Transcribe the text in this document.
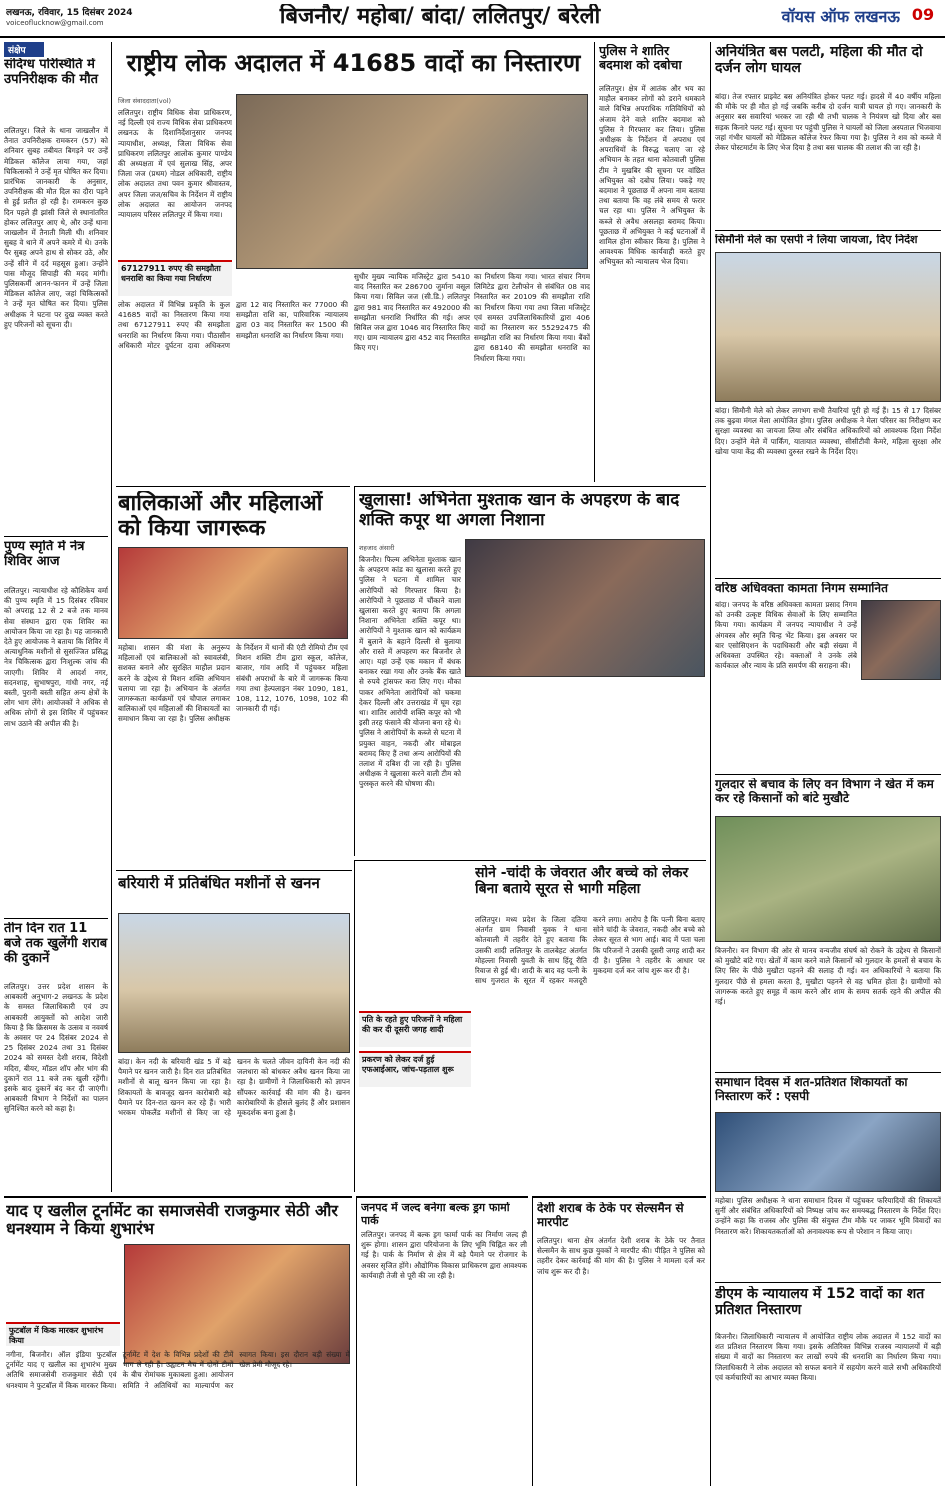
लखनऊ, रविवार, 15 दिसंबर 2024
voiceoflucknow@gmail.com	बिजनौर/ महोबा/ बांदा/ ललितपुर/ बरेली	वॉयस ऑफ लखनऊ 09
संक्षेप
संदिग्ध परिस्थिति में उपनिरीक्षक की मौत
ललितपुर। जिले के थाना जाखलौन में तैनात उपनिरीक्षक रामकरन (57) को शनिवार सुबह तबीयत बिगड़ने पर उन्हें मेडिकल कॉलेज लाया गया, जहां चिकित्सकों ने उन्हें मृत घोषित कर दिया। प्रारंभिक जानकारी के अनुसार, उपनिरीक्षक की मौत दिल का दौरा पड़ने से हुई प्रतीत हो रही है। रामकरन कुछ दिन पहले ही झांसी जिले से स्थानांतरित होकर ललितपुर आए थे, और उन्हें थाना जाखलौन में तैनाती मिली थी। शनिवार सुबह वे थाने में अपने कमरे में थे। उनके पैर सुबह अपने हाथ से सोकर उठे, और उन्हें सीने में दर्द महसूस हुआ। उन्होंने पास मौजूद सिपाही की मदद मांगी। पुलिसकर्मी आनन-फानन में उन्हें जिला मेडिकल कॉलेज लाए, जहां चिकित्सकों ने उन्हें मृत घोषित कर दिया। पुलिस अधीक्षक ने घटना पर दुख व्यक्त करते हुए परिजनों को सूचना दी।
पुण्य स्मृति में नेत्र शिविर आज
ललितपुर। न्यायाधीश रहे कौशिकेय वर्मा की पुण्य स्मृति में 15 दिसंबर रविवार को अपराह्न 12 से 2 बजे तक मानव सेवा संस्थान द्वारा एक शिविर का आयोजन किया जा रहा है। यह जानकारी देते हुए आयोजक ने बताया कि शिविर में अत्याधुनिक मशीनों से सुसज्जित प्रसिद्ध नेत्र चिकित्सक द्वारा निःशुल्क जांच की जाएगी। शिविर में आदर्श नगर, सदनशाह, सुभाषपुरा, गांधी नगर, नई बस्ती, पुरानी बस्ती सहित अन्य क्षेत्रों के लोग भाग लेंगे। आयोजकों ने अधिक से अधिक लोगों से इस शिविर में पहुंचकर लाभ उठाने की अपील की है।
तीन दिन रात 11 बजे तक खुलेंगी शराब की दुकानें
ललितपुर। उत्तर प्रदेश शासन के आबकारी अनुभाग-2 लखनऊ के प्रदेश के समस्त जिलाधिकारी एवं उप आबकारी आयुक्तों को आदेश जारी किया है कि क्रिसमस के उत्सव व नववर्ष के अवसर पर 24 दिसंबर 2024 से 25 दिसंबर 2024 तथा 31 दिसंबर 2024 को समस्त देशी शराब, विदेशी मदिरा, बीयर, मॉडल शॉप और भांग की दुकानें रात 11 बजे तक खुली रहेंगी। इसके बाद दुकानें बंद कर दी जाएंगी। आबकारी विभाग ने निर्देशों का पालन सुनिश्चित करने को कहा है।
राष्ट्रीय लोक अदालत में 41685 वादों का निस्तारण
जिला संवाददाता(vol)
ललितपुर। राष्ट्रीय विधिक सेवा प्राधिकरण, नई दिल्ली एवं राज्य विधिक सेवा प्राधिकरण लखनऊ के दिशानिर्देशानुसार जनपद न्यायाधीश, अध्यक्ष, जिला विधिक सेवा प्राधिकरण ललितपुर आलोक कुमार पाण्डेय की अध्यक्षता में एवं सुलाख सिंह, अपर जिला जज (प्रथम) नोडल अधिकारी, राष्ट्रीय लोक अदालत तथा पवन कुमार श्रीवास्तव, अपर जिला जज/सचिव के निर्देशन में राष्ट्रीय लोक अदालत का आयोजन जनपद न्यायालय परिसर ललितपुर में किया गया।
67127911 रुपए की समझौता धनराशि का किया गया निर्धारण
लोक अदालत में विभिन्न प्रकृति के कुल 41685 वादों का निस्तारण किया गया तथा 67127911 रुपए की समझौता धनराशि का निर्धारण किया गया। पीठासीन अधिकारी मोटर दुर्घटना दावा अधिकरण द्वारा 12 वाद निस्तारित कर 77000 की समझौता राशि का, पारिवारिक न्यायालय द्वारा 03 वाद निस्तारित कर 1500 की समझौता धनराशि का निर्धारण किया गया।
सुधीर मुख्य न्यायिक मजिस्ट्रेट द्वारा 5410 वाद निस्तारित कर 286700 जुर्माना वसूल किया गया। सिविल जज (सी.डि.) ललितपुर द्वारा 981 वाद निस्तारित कर 492000 की समझौता धनराशि निर्धारित की गई। अपर सिविल जज द्वारा 1046 वाद निस्तारित किए गए। ग्राम न्यायालय द्वारा 452 वाद निस्तारित किए गए।
का निर्धारण किया गया। भारत संचार निगम लिमिटेड द्वारा टेलीफोन से संबंधित 08 वाद निस्तारित कर 20109 की समझौता राशि का निर्धारण किया गया तथा जिला मजिस्ट्रेट एवं समस्त उपजिलाधिकारियों द्वारा 406 वादों का निस्तारण कर 55292475 की समझौता राशि का निर्धारण किया गया। बैंकों द्वारा 68140 की समझौता धनराशि का निर्धारण किया गया।
पुलिस ने शातिर बदमाश को दबोचा
ललितपुर। क्षेत्र में आतंक और भय का माहौल बनाकर लोगों को डराने धमकाने वाले विभिन्न अपराधिक गतिविधियों को अंजाम देने वाले शातिर बदमाश को पुलिस ने गिरफ्तार कर लिया। पुलिस अधीक्षक के निर्देशन में अपराध एवं अपराधियों के विरुद्ध चलाए जा रहे अभियान के तहत थाना कोतवाली पुलिस टीम ने मुखबिर की सूचना पर वांछित अभियुक्त को दबोच लिया। पकड़े गए बदमाश ने पूछताछ में अपना नाम बताया तथा बताया कि वह लंबे समय से फरार चल रहा था। पुलिस ने अभियुक्त के कब्जे से अवैध असलहा बरामद किया। पूछताछ में अभियुक्त ने कई घटनाओं में शामिल होना स्वीकार किया है। पुलिस ने आवश्यक विधिक कार्यवाही करते हुए अभियुक्त को न्यायालय भेज दिया।
अनियंत्रित बस पलटी, महिला की मौत दो दर्जन लोग घायल
बांदा। तेज रफ्तार प्राइवेट बस अनियंत्रित होकर पलट गई। हादसे में 40 वर्षीय महिला की मौके पर ही मौत हो गई जबकि करीब दो दर्जन यात्री घायल हो गए। जानकारी के अनुसार बस सवारियां भरकर जा रही थी तभी चालक ने नियंत्रण खो दिया और बस सड़क किनारे पलट गई। सूचना पर पहुंची पुलिस ने घायलों को जिला अस्पताल भिजवाया जहां गंभीर घायलों को मेडिकल कॉलेज रेफर किया गया है। पुलिस ने शव को कब्जे में लेकर पोस्टमार्टम के लिए भेज दिया है तथा बस चालक की तलाश की जा रही है।
सिमौनी मेले का एसपी ने लिया जायजा, दिए निर्देश
बांदा। सिमौनी मेले को लेकर लगभग सभी तैयारियां पूरी हो गई हैं। 15 से 17 दिसंबर तक बुढ़वा मंगल मेला आयोजित होगा। पुलिस अधीक्षक ने मेला परिसर का निरीक्षण कर सुरक्षा व्यवस्था का जायजा लिया और संबंधित अधिकारियों को आवश्यक दिशा निर्देश दिए। उन्होंने मेले में पार्किंग, यातायात व्यवस्था, सीसीटीवी कैमरे, महिला सुरक्षा और खोया पाया केंद्र की व्यवस्था दुरुस्त रखने के निर्देश दिए।
वरिष्ठ अधिवक्ता कामता निगम सम्मानित
बांदा। जनपद के वरिष्ठ अधिवक्ता कामता प्रसाद निगम को उनकी उत्कृष्ट विधिक सेवाओं के लिए सम्मानित किया गया। कार्यक्रम में जनपद न्यायाधीश ने उन्हें अंगवस्त्र और स्मृति चिन्ह भेंट किया। इस अवसर पर बार एसोसिएशन के पदाधिकारी और बड़ी संख्या में अधिवक्ता उपस्थित रहे। वक्ताओं ने उनके लंबे कार्यकाल और न्याय के प्रति समर्पण की सराहना की।
गुलदार से बचाव के लिए वन विभाग ने खेत में कम कर रहे किसानों को बांटे मुखौटे
बिजनौर। वन विभाग की ओर से मानव वन्यजीव संघर्ष को रोकने के उद्देश्य से किसानों को मुखौटे बांटे गए। खेतों में काम करने वाले किसानों को गुलदार के हमलों से बचाव के लिए सिर के पीछे मुखौटा पहनने की सलाह दी गई। वन अधिकारियों ने बताया कि गुलदार पीछे से हमला करता है, मुखौटा पहनने से वह भ्रमित होता है। ग्रामीणों को जागरूक करते हुए समूह में काम करने और शाम के समय सतर्क रहने की अपील की गई।
समाधान दिवस में शत-प्रतिशत शिकायतों का निस्तारण करें : एसपी
महोबा। पुलिस अधीक्षक ने थाना समाधान दिवस में पहुंचकर फरियादियों की शिकायतें सुनीं और संबंधित अधिकारियों को निष्पक्ष जांच कर समयबद्ध निस्तारण के निर्देश दिए। उन्होंने कहा कि राजस्व और पुलिस की संयुक्त टीम मौके पर जाकर भूमि विवादों का निस्तारण करे। शिकायतकर्ताओं को अनावश्यक रूप से परेशान न किया जाए।
डीएम के न्यायालय में 152 वादों का शत प्रतिशत निस्तारण
बिजनौर। जिलाधिकारी न्यायालय में आयोजित राष्ट्रीय लोक अदालत में 152 वादों का शत प्रतिशत निस्तारण किया गया। इसके अतिरिक्त विभिन्न राजस्व न्यायालयों में बड़ी संख्या में वादों का निस्तारण कर लाखों रुपये की धनराशि का निर्धारण किया गया। जिलाधिकारी ने लोक अदालत को सफल बनाने में सहयोग करने वाले सभी अधिकारियों एवं कर्मचारियों का आभार व्यक्त किया।
बालिकाओं और महिलाओं को किया जागरूक
महोबा। शासन की मंशा के अनुरूप महिलाओं एवं बालिकाओं को स्वावलंबी, सशक्त बनाने और सुरक्षित माहौल प्रदान करने के उद्देश्य से मिशन शक्ति अभियान चलाया जा रहा है। अभियान के अंतर्गत जागरूकता कार्यक्रमों एवं चौपाल लगाकर बालिकाओं एवं महिलाओं की शिकायतों का समाधान किया जा रहा है। पुलिस अधीक्षक के निर्देशन में थानों की एंटी रोमियो टीम एवं मिशन शक्ति टीम द्वारा स्कूल, कॉलेज, बाजार, गांव आदि में पहुंचकर महिला संबंधी अपराधों के बारे में जागरूक किया गया तथा हेल्पलाइन नंबर 1090, 181, 108, 112, 1076, 1098, 102 की जानकारी दी गई।
खुलासा! अभिनेता मुश्ताक खान के अपहरण के बाद शक्ति कपूर था अगला निशाना
शहजाद अंसारी
बिजनौर। फिल्म अभिनेता मुश्ताक खान के अपहरण कांड का खुलासा करते हुए पुलिस ने घटना में शामिल चार आरोपियों को गिरफ्तार किया है। आरोपियों ने पूछताछ में चौंकाने वाला खुलासा करते हुए बताया कि अगला निशाना अभिनेता शक्ति कपूर था। आरोपियों ने मुश्ताक खान को कार्यक्रम में बुलाने के बहाने दिल्ली से बुलाया और रास्ते में अपहरण कर बिजनौर ले आए। यहां उन्हें एक मकान में बंधक बनाकर रखा गया और उनके बैंक खाते से रुपये ट्रांसफर करा लिए गए। मौका पाकर अभिनेता आरोपियों को चकमा देकर दिल्ली और उत्तराखंड में घूम रहा था। शातिर आरोपी शक्ति कपूर को भी इसी तरह फंसाने की योजना बना रहे थे। पुलिस ने आरोपियों के कब्जे से घटना में प्रयुक्त वाहन, नकदी और मोबाइल बरामद किए हैं तथा अन्य आरोपियों की तलाश में दबिश दी जा रही है। पुलिस अधीक्षक ने खुलासा करने वाली टीम को पुरस्कृत करने की घोषणा की।
सोने -चांदी के जेवरात और बच्चे को लेकर बिना बताये सूरत से भागी महिला
ललितपुर। मध्य प्रदेश के जिला दतिया अंतर्गत ग्राम निवासी युवक ने थाना कोतवाली में तहरीर देते हुए बताया कि उसकी शादी ललितपुर के तालबेहट अंतर्गत मोहल्ला निवासी युवती के साथ हिंदू रीति रिवाज से हुई थी। शादी के बाद वह पत्नी के साथ गुजरात के सूरत में रहकर मजदूरी करने लगा। आरोप है कि पत्नी बिना बताए सोने चांदी के जेवरात, नकदी और बच्चे को लेकर सूरत से भाग आई। बाद में पता चला कि परिजनों ने उसकी दूसरी जगह शादी कर दी है। पुलिस ने तहरीर के आधार पर मुकदमा दर्ज कर जांच शुरू कर दी है।
पति के रहते हुए परिजनों ने महिला की कर दी दूसरी जगह शादी
प्रकरण को लेकर दर्ज हुई एफआईआर, जांच-पड़ताल शुरू
बरियारी में प्रतिबंधित मशीनों से खनन
बांदा। केन नदी के बरियारी खंड 5 में बड़े पैमाने पर खनन जारी है। दिन रात प्रतिबंधित मशीनों से बालू खनन किया जा रहा है। शिकायतों के बावजूद खनन कारोबारी बड़े पैमाने पर दिन-रात खनन कर रहे हैं। भारी भरकम पोकलैंड मशीनों से किए जा रहे खनन के चलते जीवन दायिनी केन नदी की जलधारा को बांधकर अवैध खनन किया जा रहा है। ग्रामीणों ने जिलाधिकारी को ज्ञापन सौंपकर कार्रवाई की मांग की है। खनन कारोबारियों के हौसले बुलंद हैं और प्रशासन मूकदर्शक बना हुआ है।
याद ए खलील टूर्नामेंट का समाजसेवी राजकुमार सेठी और धनश्याम ने किया शुभारंभ
फुटबॉल में किक मारकर शुभारंभ किया
नगीना, बिजनौर। ऑल इंडिया फुटबॉल टूर्नामेंट याद ए खलील का शुभारंभ मुख्य अतिथि समाजसेवी राजकुमार सेठी एवं धनश्याम ने फुटबॉल में किक मारकर किया। टूर्नामेंट में देश के विभिन्न प्रदेशों की टीमें भाग ले रही हैं। उद्घाटन मैच में दोनों टीमों के बीच रोमांचक मुकाबला हुआ। आयोजन समिति ने अतिथियों का माल्यार्पण कर स्वागत किया। इस दौरान बड़ी संख्या में खेल प्रेमी मौजूद रहे।
जनपद में जल्द बनेगा बल्क ड्रग फार्मा पार्क
ललितपुर। जनपद में बल्क ड्रग फार्मा पार्क का निर्माण जल्द ही शुरू होगा। शासन द्वारा परियोजना के लिए भूमि चिह्नित कर ली गई है। पार्क के निर्माण से क्षेत्र में बड़े पैमाने पर रोजगार के अवसर सृजित होंगे। औद्योगिक विकास प्राधिकरण द्वारा आवश्यक कार्यवाही तेजी से पूरी की जा रही है।
देशी शराब के ठेके पर सेल्समैन से मारपीट
ललितपुर। थाना क्षेत्र अंतर्गत देशी शराब के ठेके पर तैनात सेल्समैन के साथ कुछ युवकों ने मारपीट की। पीड़ित ने पुलिस को तहरीर देकर कार्रवाई की मांग की है। पुलिस ने मामला दर्ज कर जांच शुरू कर दी है।
